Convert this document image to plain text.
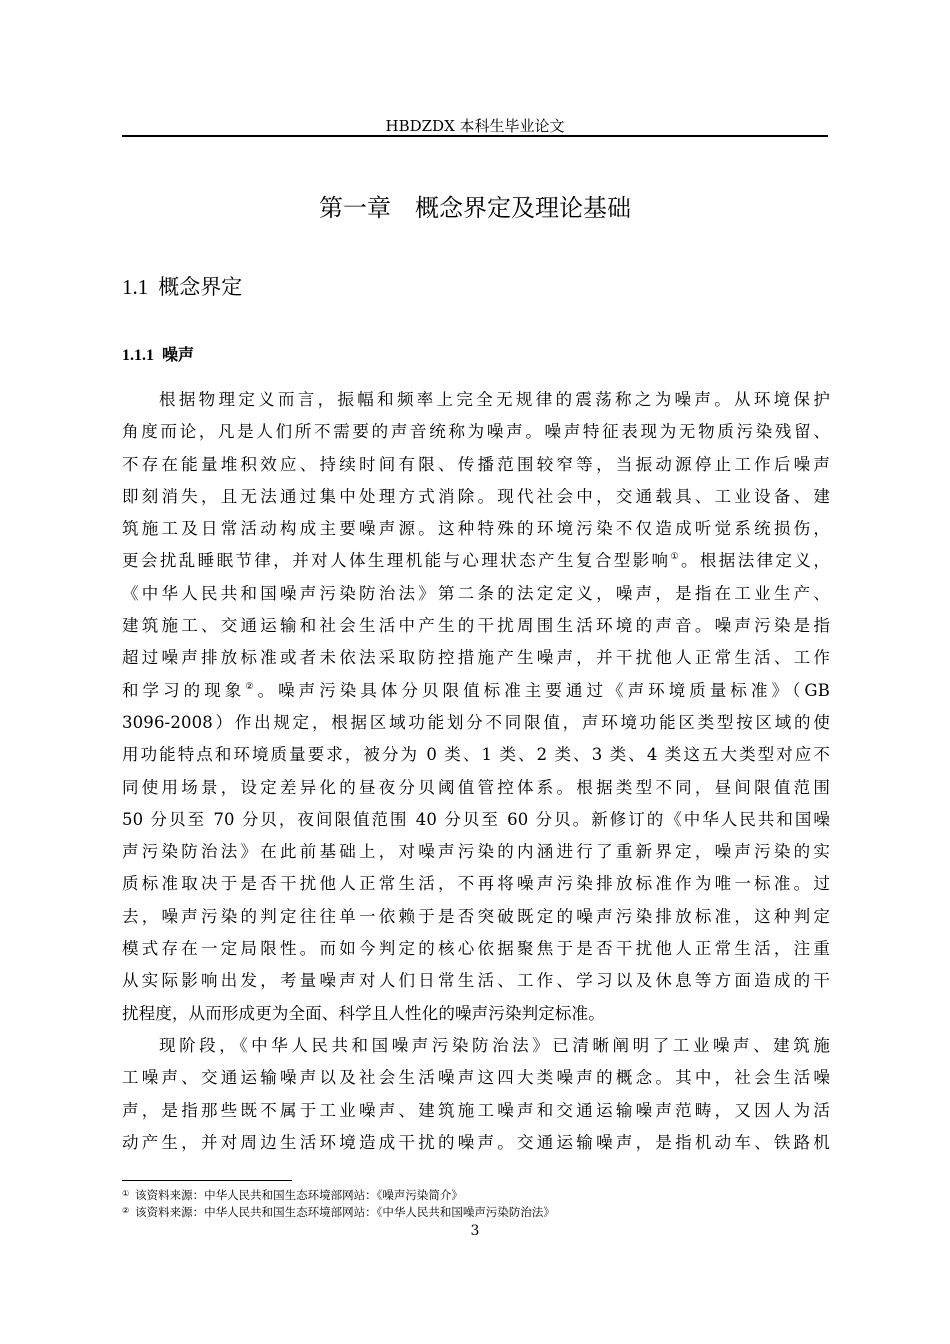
HBDZDX 本科生毕业论文
第一章　概念界定及理论基础
1.1 概念界定
1.1.1 噪声
根据物理定义而言，振幅和频率上完全无规律的震荡称之为噪声。从环境保护
角度而论，凡是人们所不需要的声音统称为噪声。噪声特征表现为无物质污染残留、
不存在能量堆积效应、持续时间有限、传播范围较窄等，当振动源停止工作后噪声
即刻消失，且无法通过集中处理方式消除。现代社会中，交通载具、工业设备、建
筑施工及日常活动构成主要噪声源。这种特殊的环境污染不仅造成听觉系统损伤，
更会扰乱睡眠节律，并对人体生理机能与心理状态产生复合型影响①。根据法律定义，
《中华人民共和国噪声污染防治法》第二条的法定定义，噪声，是指在工业生产、
建筑施工、交通运输和社会生活中产生的干扰周围生活环境的声音。噪声污染是指
超过噪声排放标准或者未依法采取防控措施产生噪声，并干扰他人正常生活、工作
和学习的现象②。噪声污染具体分贝限值标准主要通过《声环境质量标准》（GB
3096-2008）作出规定，根据区域功能划分不同限值，声环境功能区类型按区域的使
用功能特点和环境质量要求，被分为 0 类、1 类、2 类、3 类、4 类这五大类型对应不
同使用场景，设定差异化的昼夜分贝阈值管控体系。根据类型不同，昼间限值范围
50 分贝至 70 分贝，夜间限值范围 40 分贝至 60 分贝。新修订的《中华人民共和国噪
声污染防治法》在此前基础上，对噪声污染的内涵进行了重新界定，噪声污染的实
质标准取决于是否干扰他人正常生活，不再将噪声污染排放标准作为唯一标准。过
去，噪声污染的判定往往单一依赖于是否突破既定的噪声污染排放标准，这种判定
模式存在一定局限性。而如今判定的核心依据聚焦于是否干扰他人正常生活，注重
从实际影响出发，考量噪声对人们日常生活、工作、学习以及休息等方面造成的干
扰程度，从而形成更为全面、科学且人性化的噪声污染判定标准。
现阶段，《中华人民共和国噪声污染防治法》已清晰阐明了工业噪声、建筑施
工噪声、交通运输噪声以及社会生活噪声这四大类噪声的概念。其中，社会生活噪
声，是指那些既不属于工业噪声、建筑施工噪声和交通运输噪声范畴，又因人为活
动产生，并对周边生活环境造成干扰的噪声。交通运输噪声，是指机动车、铁路机
① 该资料来源：中华人民共和国生态环境部网站：《噪声污染简介》
② 该资料来源：中华人民共和国生态环境部网站：《中华人民共和国噪声污染防治法》
3
